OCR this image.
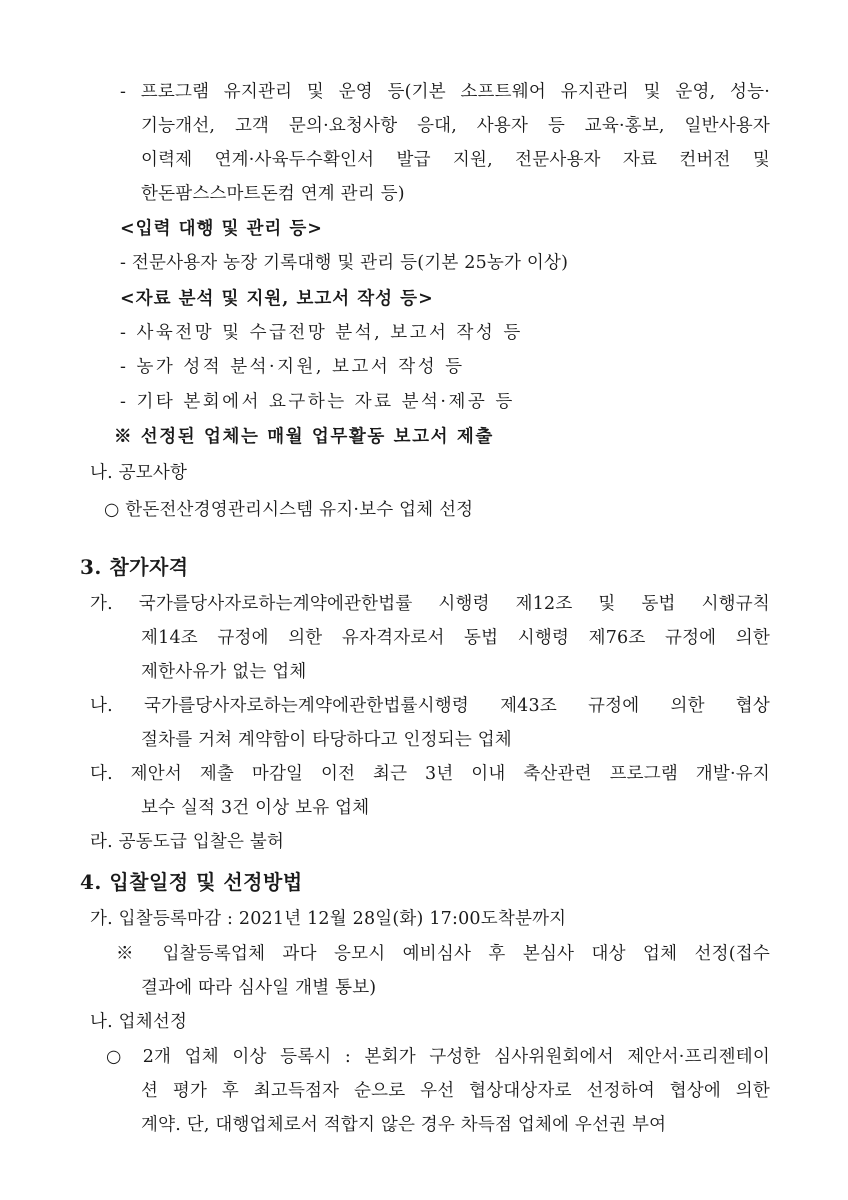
- 프로그램 유지관리 및 운영 등(기본 소프트웨어 유지관리 및 운영, 성능·
기능개선, 고객 문의·요청사항 응대, 사용자 등 교육·홍보, 일반사용자
이력제 연계·사육두수확인서 발급 지원, 전문사용자 자료 컨버전 및
한돈팜스스마트돈컴 연계 관리 등)
<입력 대행 및 관리 등>
- 전문사용자 농장 기록대행 및 관리 등(기본 25농가 이상)
<자료 분석 및 지원, 보고서 작성 등>
- 사육전망 및 수급전망 분석, 보고서 작성 등
- 농가 성적 분석·지원, 보고서 작성 등
- 기타 본회에서 요구하는 자료 분석·제공 등
※ 선정된 업체는 매월 업무활동 보고서 제출
나. 공모사항
○ 한돈전산경영관리시스템 유지·보수 업체 선정
3. 참가자격
가. 국가를당사자로하는계약에관한법률 시행령 제12조 및 동법 시행규칙
제14조 규정에 의한 유자격자로서 동법 시행령 제76조 규정에 의한
제한사유가 없는 업체
나. 국가를당사자로하는계약에관한법률시행령 제43조 규정에 의한 협상
절차를 거쳐 계약함이 타당하다고 인정되는 업체
다. 제안서 제출 마감일 이전 최근 3년 이내 축산관련 프로그램 개발·유지
보수 실적 3건 이상 보유 업체
라. 공동도급 입찰은 불허
4. 입찰일정 및 선정방법
가. 입찰등록마감 : 2021년 12월 28일(화) 17:00도착분까지
※ 입찰등록업체 과다 응모시 예비심사 후 본심사 대상 업체 선정(접수
결과에 따라 심사일 개별 통보)
나. 업체선정
○ 2개 업체 이상 등록시 : 본회가 구성한 심사위원회에서 제안서·프리젠테이
션 평가 후 최고득점자 순으로 우선 협상대상자로 선정하여 협상에 의한
계약. 단, 대행업체로서 적합지 않은 경우 차득점 업체에 우선권 부여
